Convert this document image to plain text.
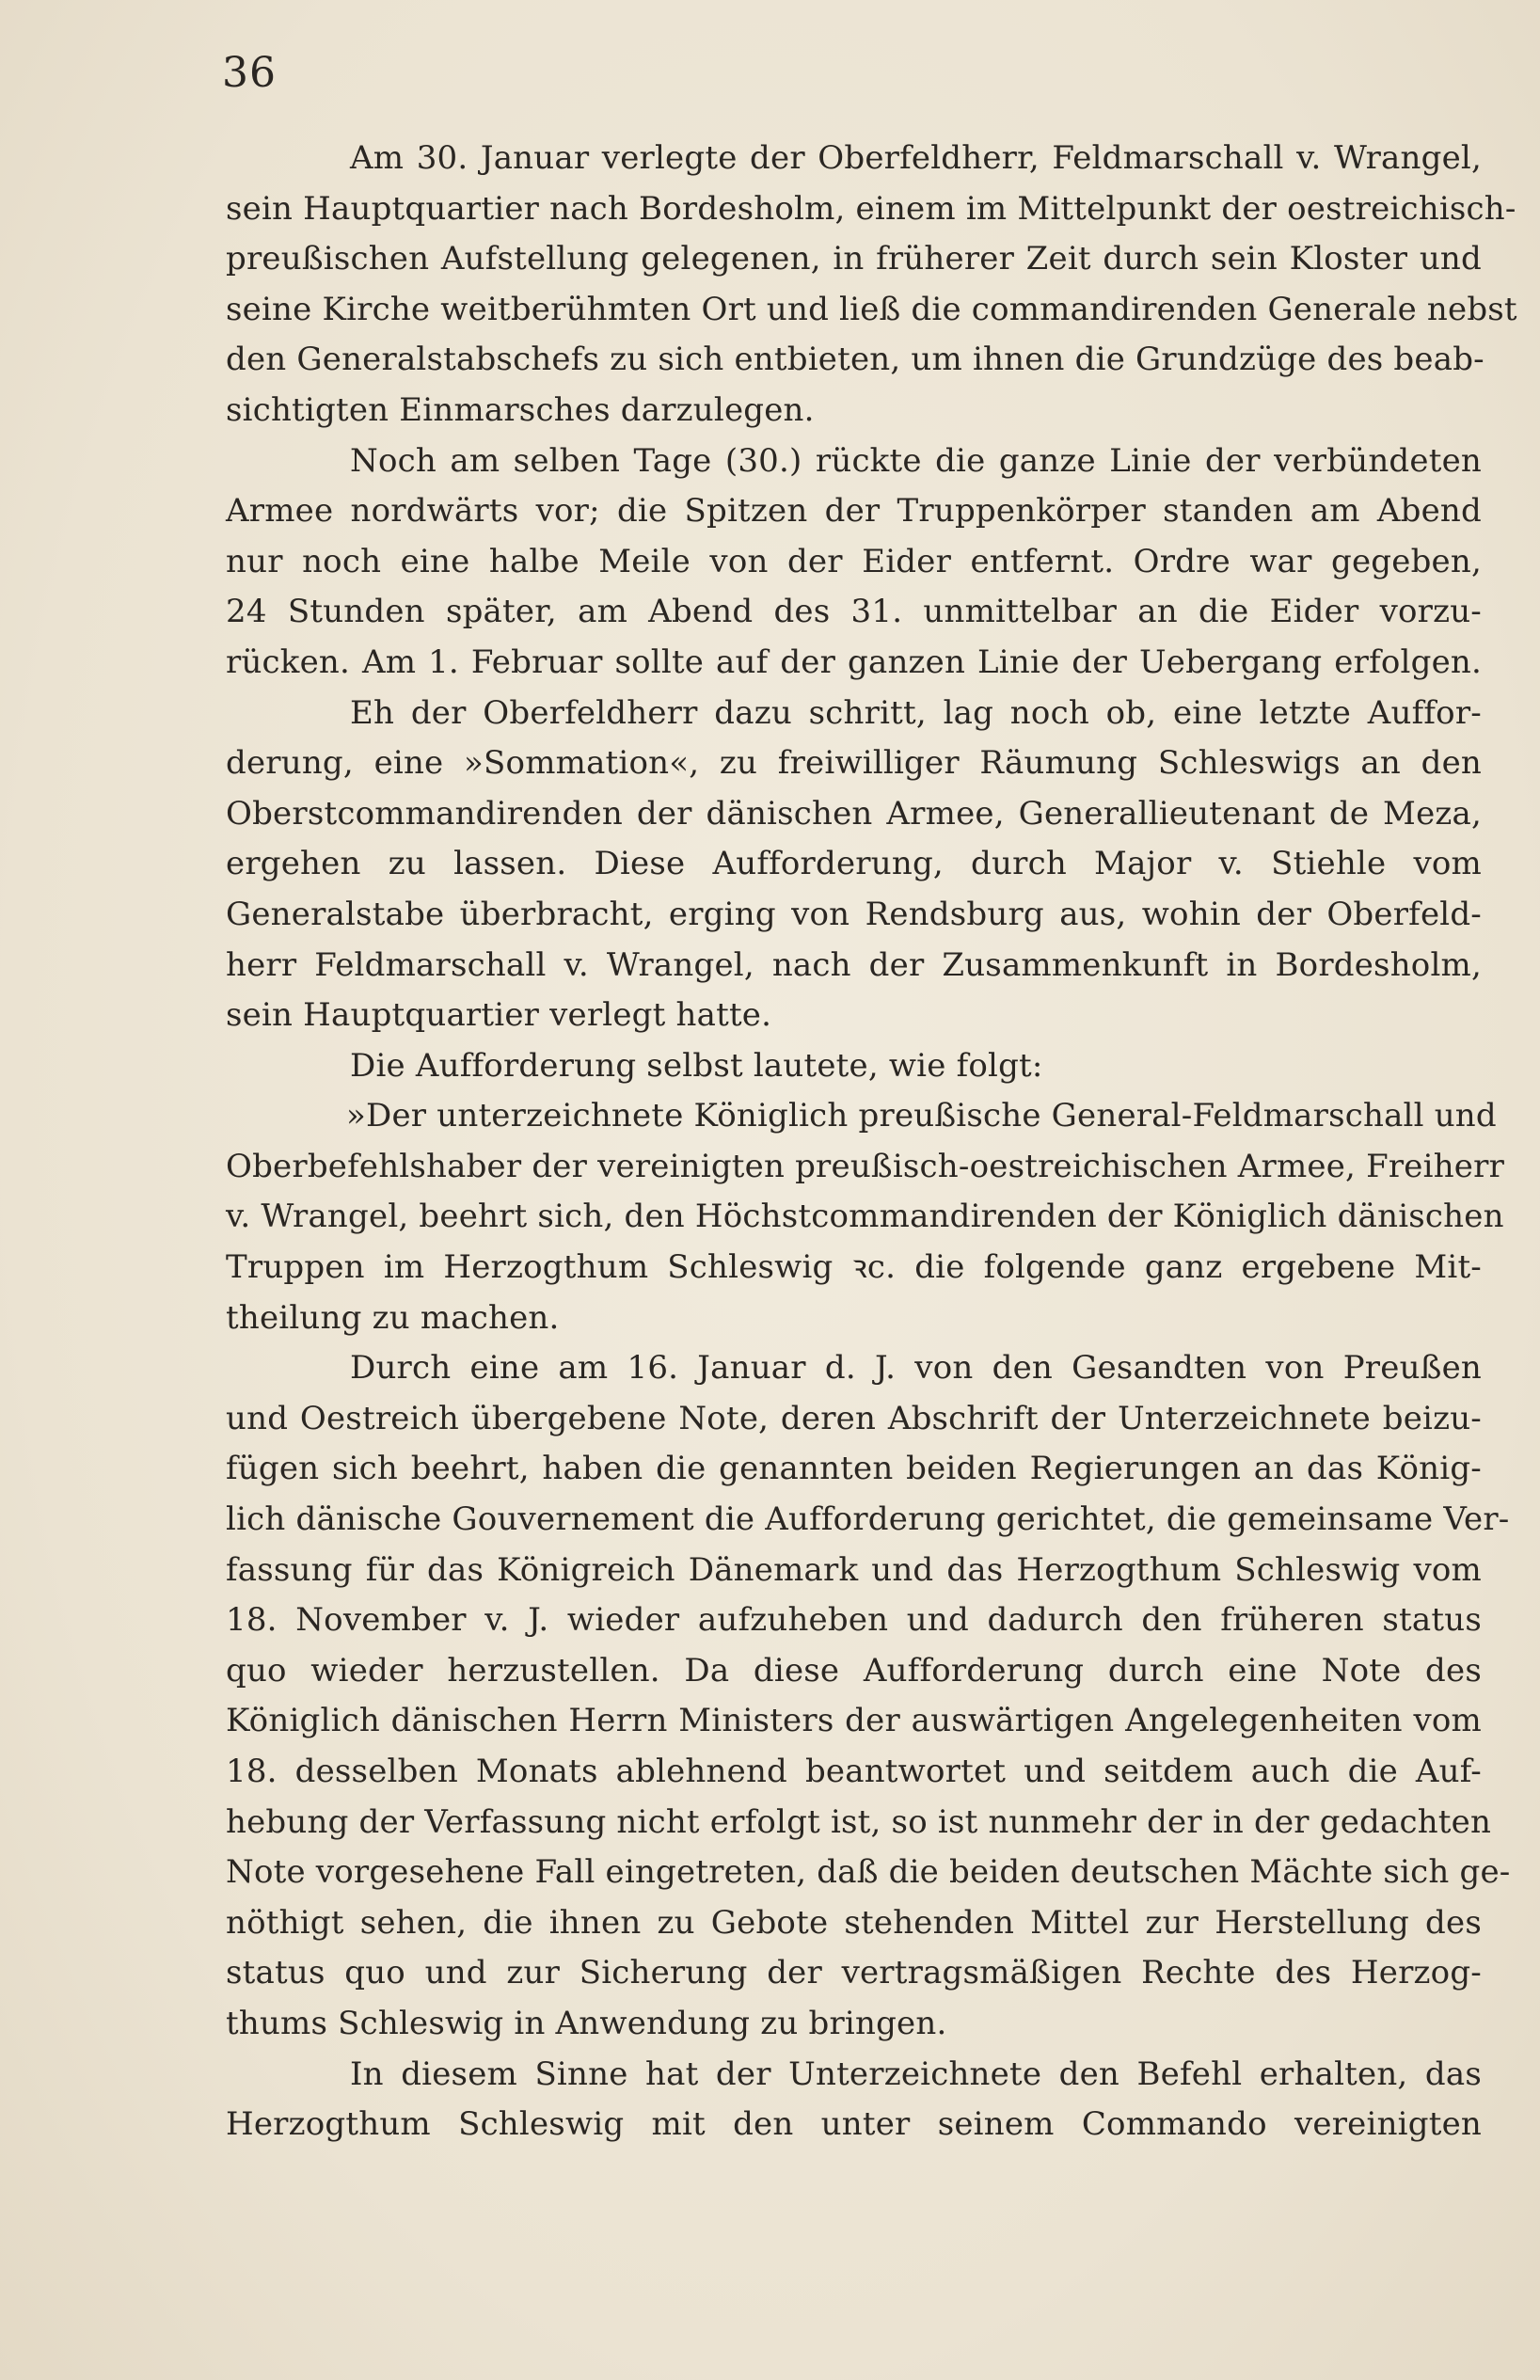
36
Am 30. Januar verlegte der Oberfeldherr, Feldmarschall v. Wrangel,
sein Hauptquartier nach Bordesholm, einem im Mittelpunkt der oestreichisch-
preußischen Aufstellung gelegenen, in früherer Zeit durch sein Kloster und
seine Kirche weitberühmten Ort und ließ die commandirenden Generale nebst
den Generalstabschefs zu sich entbieten, um ihnen die Grundzüge des beab-
sichtigten Einmarsches darzulegen.
Noch am selben Tage (30.) rückte die ganze Linie der verbündeten
Armee nordwärts vor; die Spitzen der Truppenkörper standen am Abend
nur noch eine halbe Meile von der Eider entfernt. Ordre war gegeben,
24 Stunden später, am Abend des 31. unmittelbar an die Eider vorzu-
rücken. Am 1. Februar sollte auf der ganzen Linie der Uebergang erfolgen.
Eh der Oberfeldherr dazu schritt, lag noch ob, eine letzte Auffor-
derung, eine »Sommation«, zu freiwilliger Räumung Schleswigs an den
Oberstcommandirenden der dänischen Armee, Generallieutenant de Meza,
ergehen zu lassen. Diese Aufforderung, durch Major v. Stiehle vom
Generalstabe überbracht, erging von Rendsburg aus, wohin der Oberfeld-
herr Feldmarschall v. Wrangel, nach der Zusammenkunft in Bordesholm,
sein Hauptquartier verlegt hatte.
Die Aufforderung selbst lautete, wie folgt:
»Der unterzeichnete Königlich preußische General-Feldmarschall und
Oberbefehlshaber der vereinigten preußisch-oestreichischen Armee, Freiherr
v. Wrangel, beehrt sich, den Höchstcommandirenden der Königlich dänischen
Truppen im Herzogthum Schleswig ꝛc. die folgende ganz ergebene Mit-
theilung zu machen.
Durch eine am 16. Januar d. J. von den Gesandten von Preußen
und Oestreich übergebene Note, deren Abschrift der Unterzeichnete beizu-
fügen sich beehrt, haben die genannten beiden Regierungen an das König-
lich dänische Gouvernement die Aufforderung gerichtet, die gemeinsame Ver-
fassung für das Königreich Dänemark und das Herzogthum Schleswig vom
18. November v. J. wieder aufzuheben und dadurch den früheren status
quo wieder herzustellen. Da diese Aufforderung durch eine Note des
Königlich dänischen Herrn Ministers der auswärtigen Angelegenheiten vom
18. desselben Monats ablehnend beantwortet und seitdem auch die Auf-
hebung der Verfassung nicht erfolgt ist, so ist nunmehr der in der gedachten
Note vorgesehene Fall eingetreten, daß die beiden deutschen Mächte sich ge-
nöthigt sehen, die ihnen zu Gebote stehenden Mittel zur Herstellung des
status quo und zur Sicherung der vertragsmäßigen Rechte des Herzog-
thums Schleswig in Anwendung zu bringen.
In diesem Sinne hat der Unterzeichnete den Befehl erhalten, das
Herzogthum Schleswig mit den unter seinem Commando vereinigten
